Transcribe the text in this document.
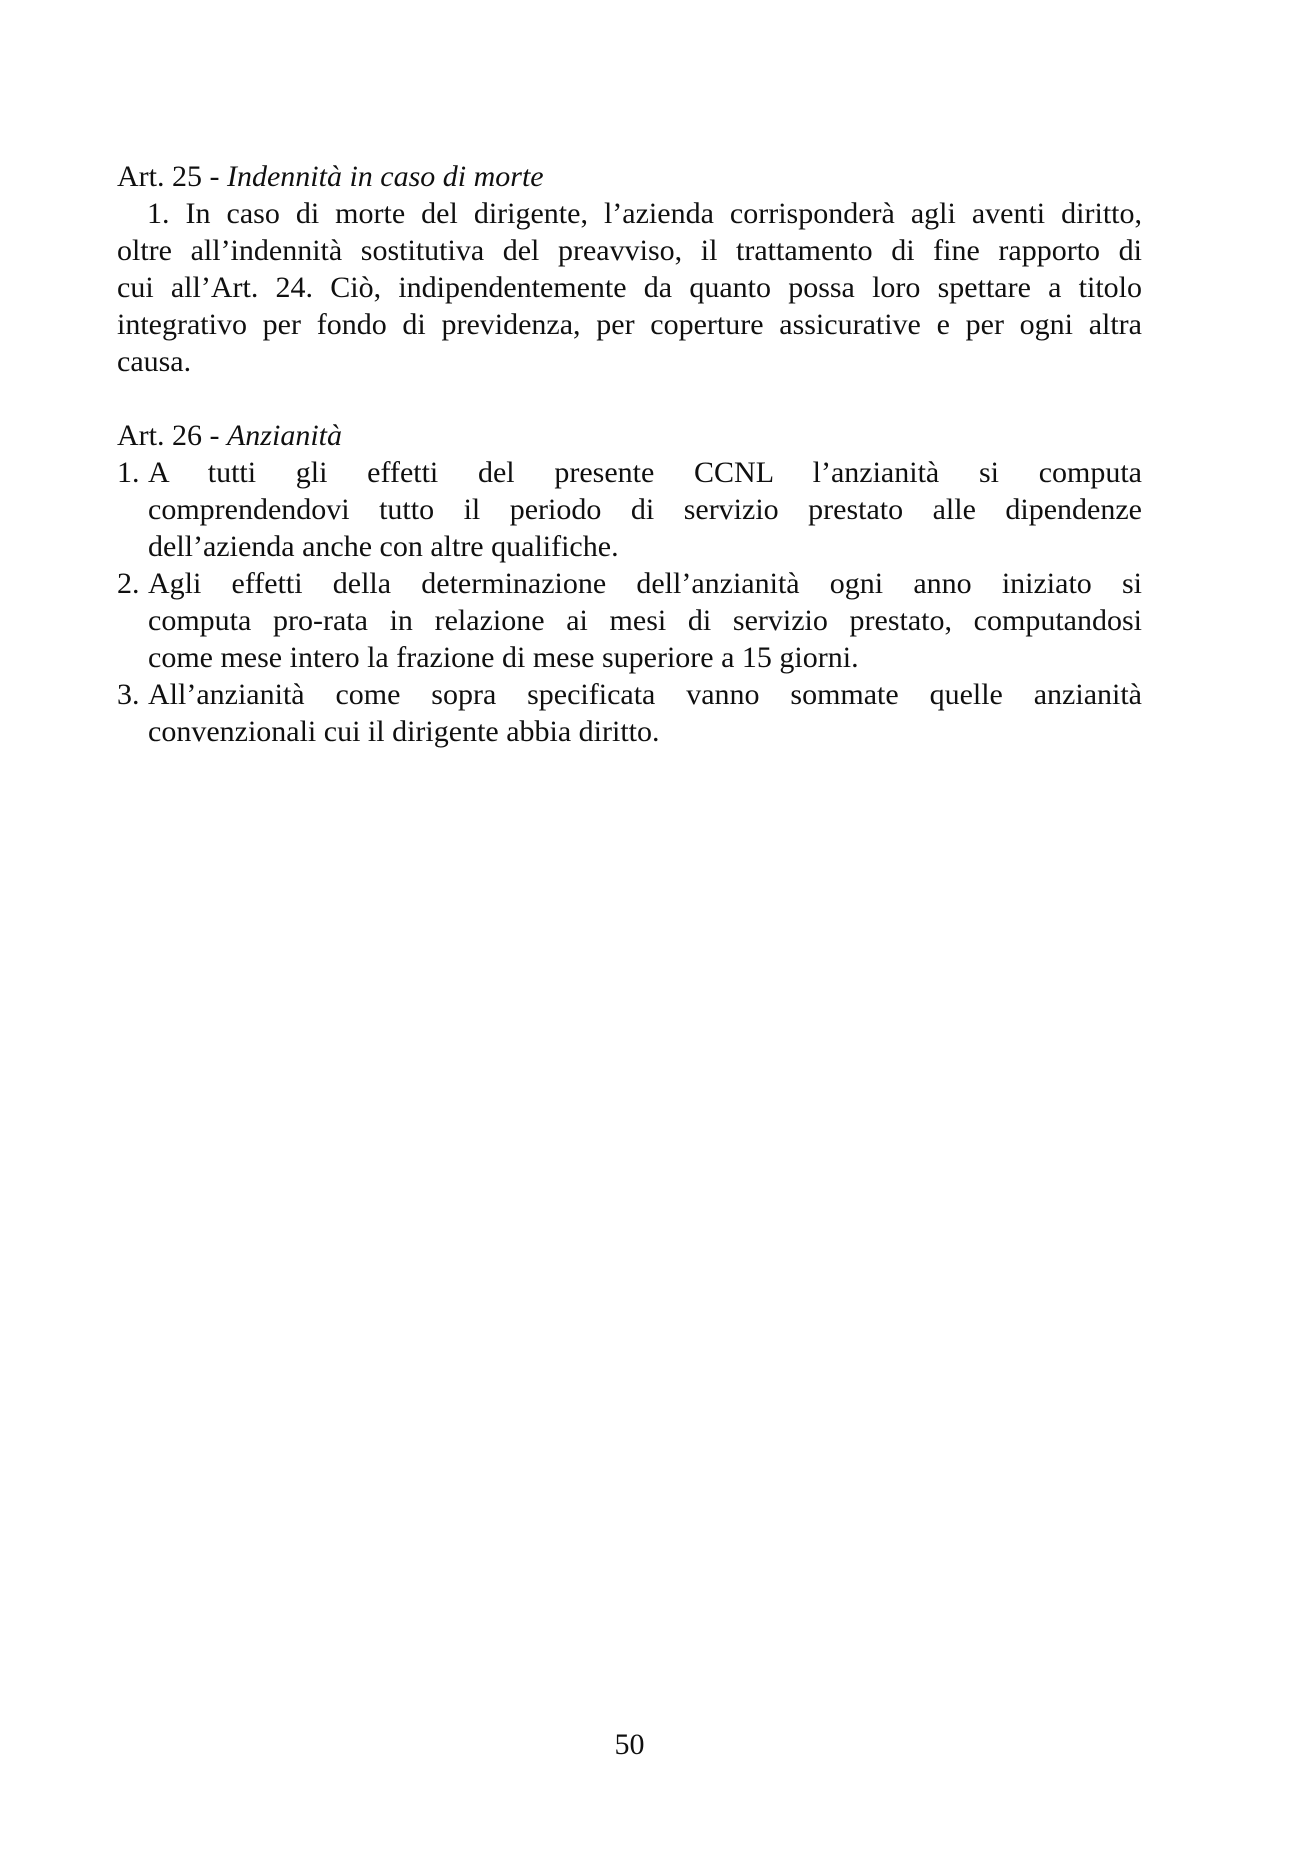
Art. 25 - Indennità in caso di morte
1. In caso di morte del dirigente, l’azienda corrisponderà agli aventi diritto,
oltre all’indennità sostitutiva del preavviso, il trattamento di fine rapporto di
cui all’Art. 24. Ciò, indipendentemente da quanto possa loro spettare a titolo
integrativo per fondo di previdenza, per coperture assicurative e per ogni altra
causa.
Art. 26 - Anzianità
1. A tutti gli effetti del presente CCNL l’anzianità si computa
comprendendovi tutto il periodo di servizio prestato alle dipendenze
dell’azienda anche con altre qualifiche.
2. Agli effetti della determinazione dell’anzianità ogni anno iniziato si
computa pro-rata in relazione ai mesi di servizio prestato, computandosi
come mese intero la frazione di mese superiore a 15 giorni.
3. All’anzianità come sopra specificata vanno sommate quelle anzianità
convenzionali cui il dirigente abbia diritto.
50
